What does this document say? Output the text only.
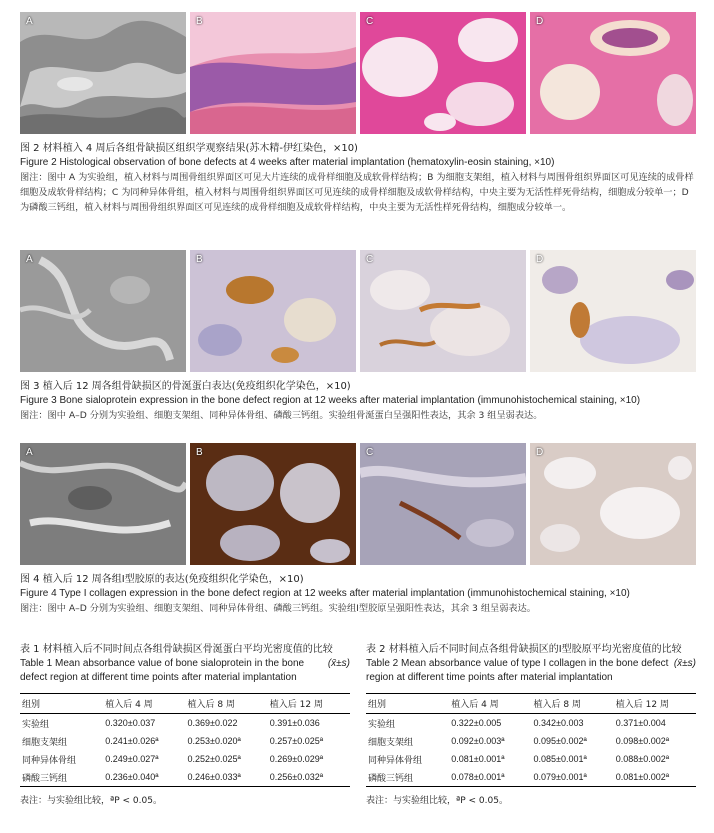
A	B	C	D
图 2 材料植入 4 周后各组骨缺损区组织学观察结果(苏木精-伊红染色，×10)
Figure 2 Histological observation of bone defects at 4 weeks after material implantation (hematoxylin-eosin staining, ×10)
图注：图中 A 为实验组，植入材料与周围骨组织界面区可见大片连续的成骨样细胞及成软骨样结构；B 为细胞支架组，植入材料与周围骨组织界面区可见连续的成骨样细胞及成软骨样结构；C 为同种异体骨组，植入材料与周围骨组织界面区可见连续的成骨样细胞及成软骨样结构，中央主要为无活性样死骨结构，细胞成分较单一；D 为磷酸三钙组，植入材料与周围骨组织界面区可见连续的成骨样细胞及成软骨样结构，中央主要为无活性样死骨结构，细胞成分较单一。
A	B	C	D
图 3 植入后 12 周各组骨缺损区的骨涎蛋白表达(免疫组织化学染色，×10)
Figure 3 Bone sialoprotein expression in the bone defect region at 12 weeks after material implantation (immunohistochemical staining, ×10)
图注：图中 A–D 分别为实验组、细胞支架组、同种异体骨组、磷酸三钙组。实验组骨涎蛋白呈强阳性表达，其余 3 组呈弱表达。
A	B	C	D
图 4 植入后 12 周各组Ⅰ型胶原的表达(免疫组织化学染色，×10)
Figure 4 Type I collagen expression in the bone defect region at 12 weeks after material implantation (immunohistochemical staining, ×10)
图注：图中 A–D 分别为实验组、细胞支架组、同种异体骨组、磷酸三钙组。实验组Ⅰ型胶原呈强阳性表达，其余 3 组呈弱表达。
表 1 材料植入后不同时间点各组骨缺损区骨涎蛋白平均光密度值的比较
(x̄±s)
Table 1 Mean absorbance value of bone sialoprotein in the bone defect region at different time points after material implantation
组别	植入后 4 周	植入后 8 周	植入后 12 周
实验组	0.320±0.037	0.369±0.022	0.391±0.036
细胞支架组	0.241±0.026ª	0.253±0.020ª	0.257±0.025ª
同种异体骨组	0.249±0.027ª	0.252±0.025ª	0.269±0.029ª
磷酸三钙组	0.236±0.040ª	0.246±0.033ª	0.256±0.032ª
表注：与实验组比较，ªP < 0.05。
表 2 材料植入后不同时间点各组骨缺损区的Ⅰ型胶原平均光密度值的比较
(x̄±s)
Table 2 Mean absorbance value of type I collagen in the bone defect region at different time points after material implantation
组别	植入后 4 周	植入后 8 周	植入后 12 周
实验组	0.322±0.005	0.342±0.003	0.371±0.004
细胞支架组	0.092±0.003ª	0.095±0.002ª	0.098±0.002ª
同种异体骨组	0.081±0.001ª	0.085±0.001ª	0.088±0.002ª
磷酸三钙组	0.078±0.001ª	0.079±0.001ª	0.081±0.002ª
表注：与实验组比较，ªP < 0.05。
